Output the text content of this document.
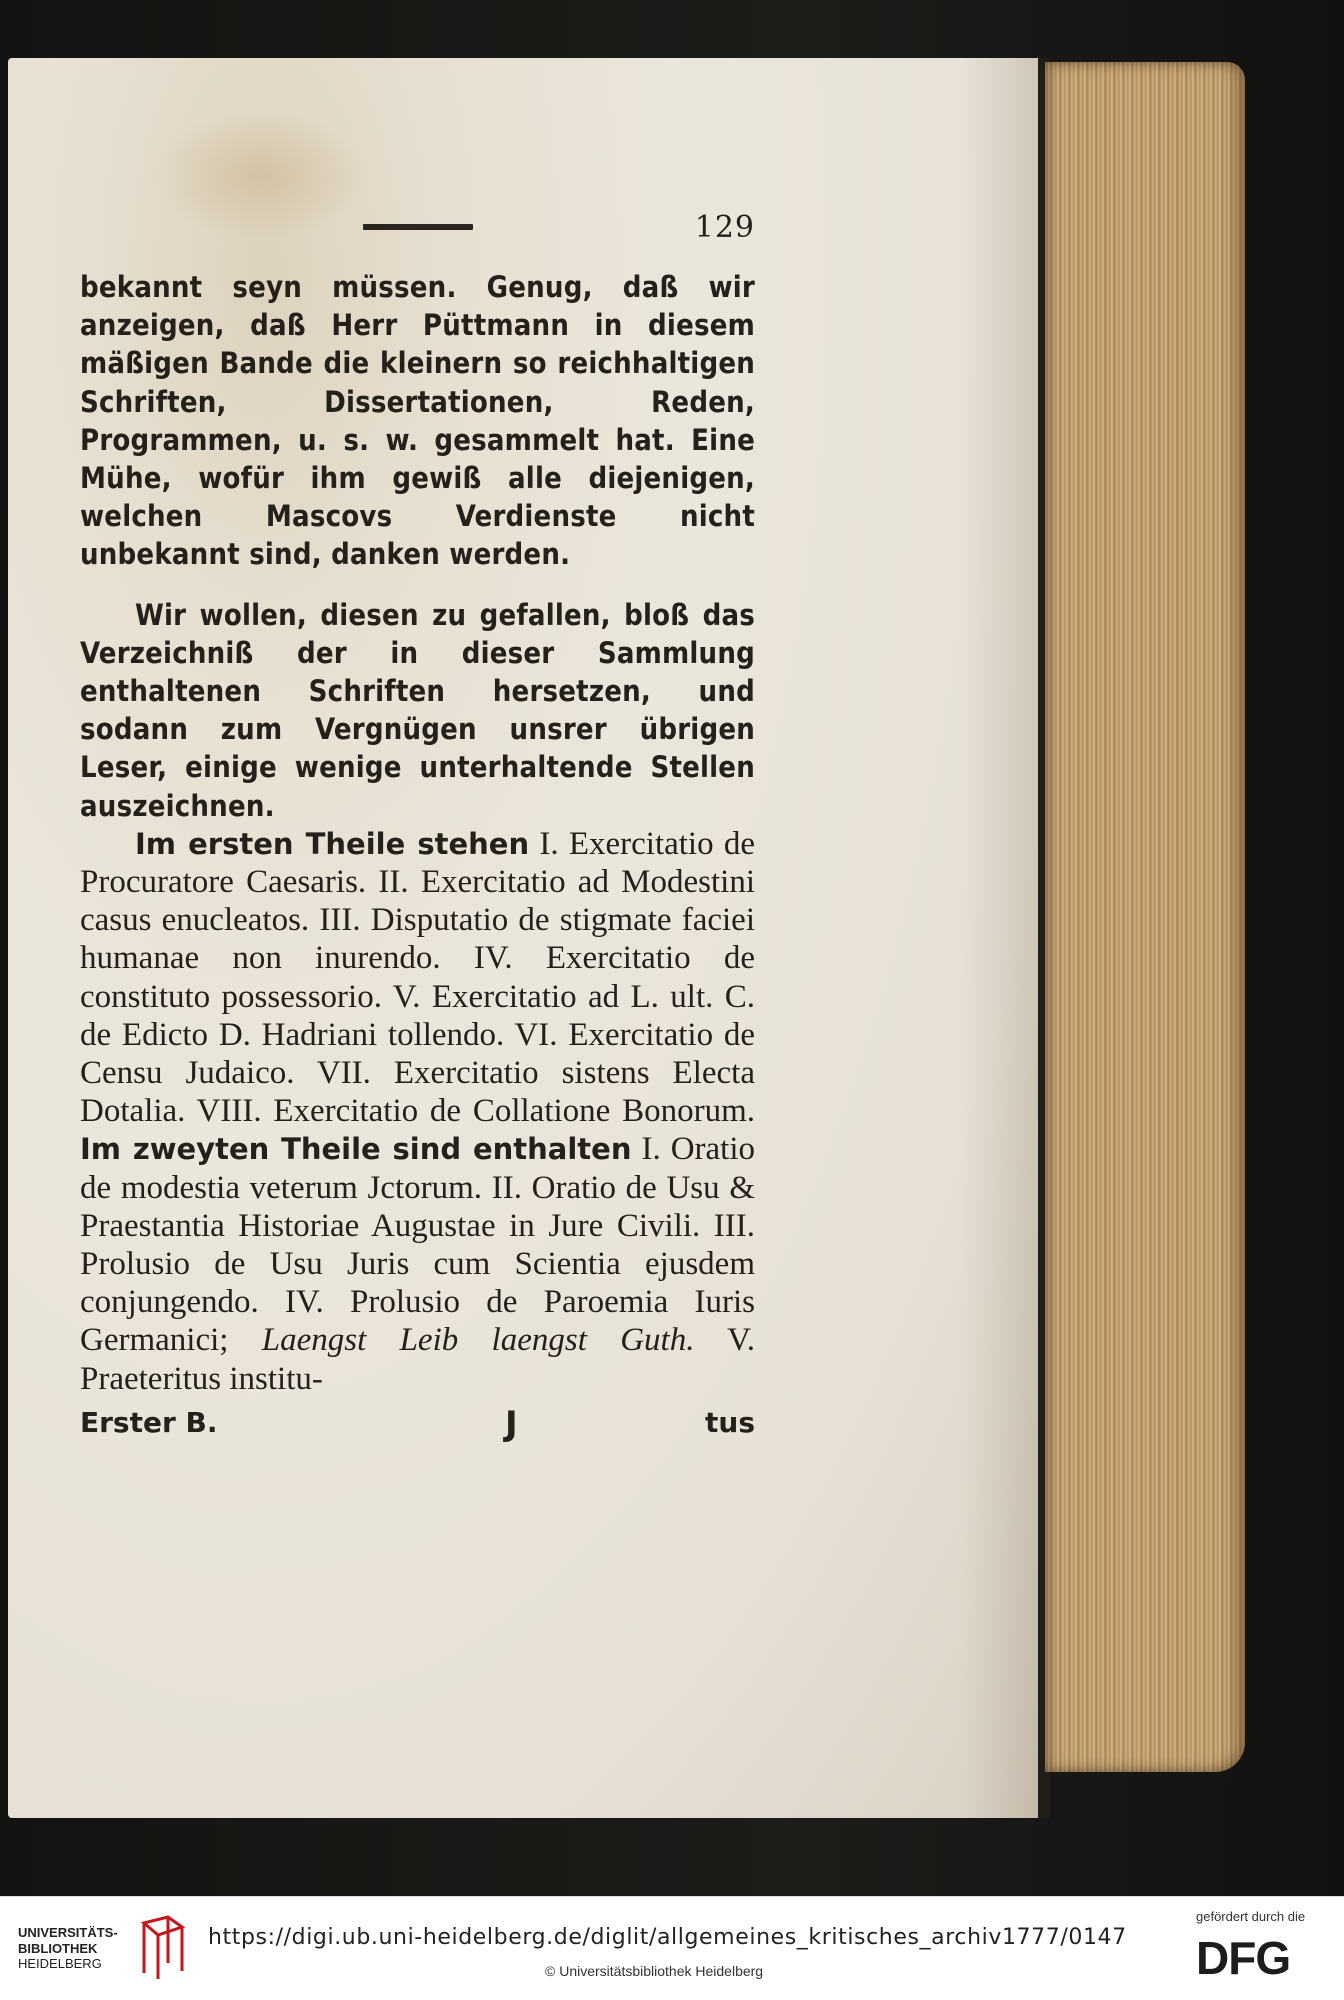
129

bekannt seyn müssen. Genug, daß wir anzeigen, daß Herr Püttmann in diesem mäßigen Bande die kleinern so reichhaltigen Schriften, Dissertationen, Reden, Programmen, u. s. w. gesammelt hat. Eine Mühe, wofür ihm gewiß alle diejenigen, welchen Mascovs Verdienste nicht unbekannt sind, danken werden.

Wir wollen, diesen zu gefallen, bloß das Verzeichniß der in dieser Sammlung enthaltenen Schriften hersetzen, und sodann zum Vergnügen unsrer übrigen Leser, einige wenige unterhaltende Stellen auszeichnen.

Im ersten Theile stehen I. Exercitatio de Procuratore Caesaris. II. Exercitatio ad Modestini casus enucleatos. III. Disputatio de stigmate faciei humanae non inurendo. IV. Exercitatio de constituto possessorio. V. Exercitatio ad L. ult. C. de Edicto D. Hadriani tollendo. VI. Exercitatio de Censu Judaico. VII. Exercitatio sistens Electa Dotalia. VIII. Exercitatio de Collatione Bonorum. Im zweyten Theile sind enthalten I. Oratio de modestia veterum Jctorum. II. Oratio de Usu & Praestantia Historiae Augustae in Jure Civili. III. Prolusio de Usu Juris cum Scientia ejusdem conjungendo. IV. Prolusio de Paroemia Iuris Germanici; Laengst Leib laengst Guth. V. Praeteritus institu-

Erster B.	J	tus
UNIVERSITÄTS-
BIBLIOTHEK
HEIDELBERG
https://digi.ub.uni-heidelberg.de/diglit/allgemeines_kritisches_archiv1777/0147
© Universitätsbibliothek Heidelberg
gefördert durch die
DFG
